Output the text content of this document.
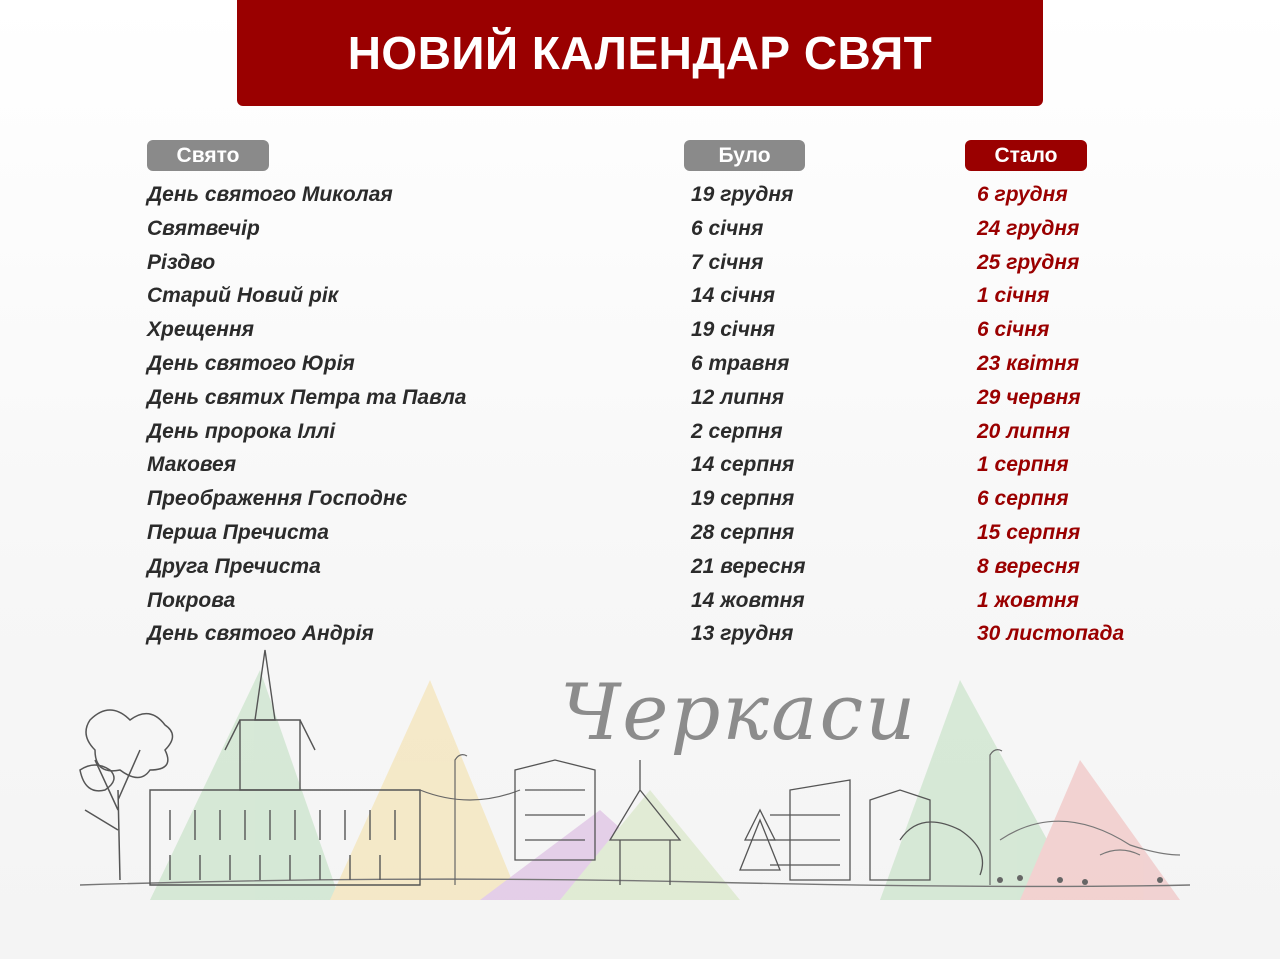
НОВИЙ КАЛЕНДАР СВЯТ
Свято	Було	Стало
День святого Миколая	19 грудня	6 грудня
Святвечір	6 січня	24 грудня
Різдво	7 січня	25 грудня
Старий Новий рік	14 січня	1 січня
Хрещення	19 січня	6 січня
День святого Юрія	6 травня	23 квітня
День святих Петра та Павла	12 липня	29 червня
День пророка Іллі	2 серпня	20 липня
Маковея	14 серпня	1 серпня
Преображення Господнє	19 серпня	6 серпня
Перша Пречиста	28 серпня	15 серпня
Друга Пречиста	21 вересня	8 вересня
Покрова	14 жовтня	1 жовтня
День святого Андрія	13 грудня	30 листопада
Черкаси
